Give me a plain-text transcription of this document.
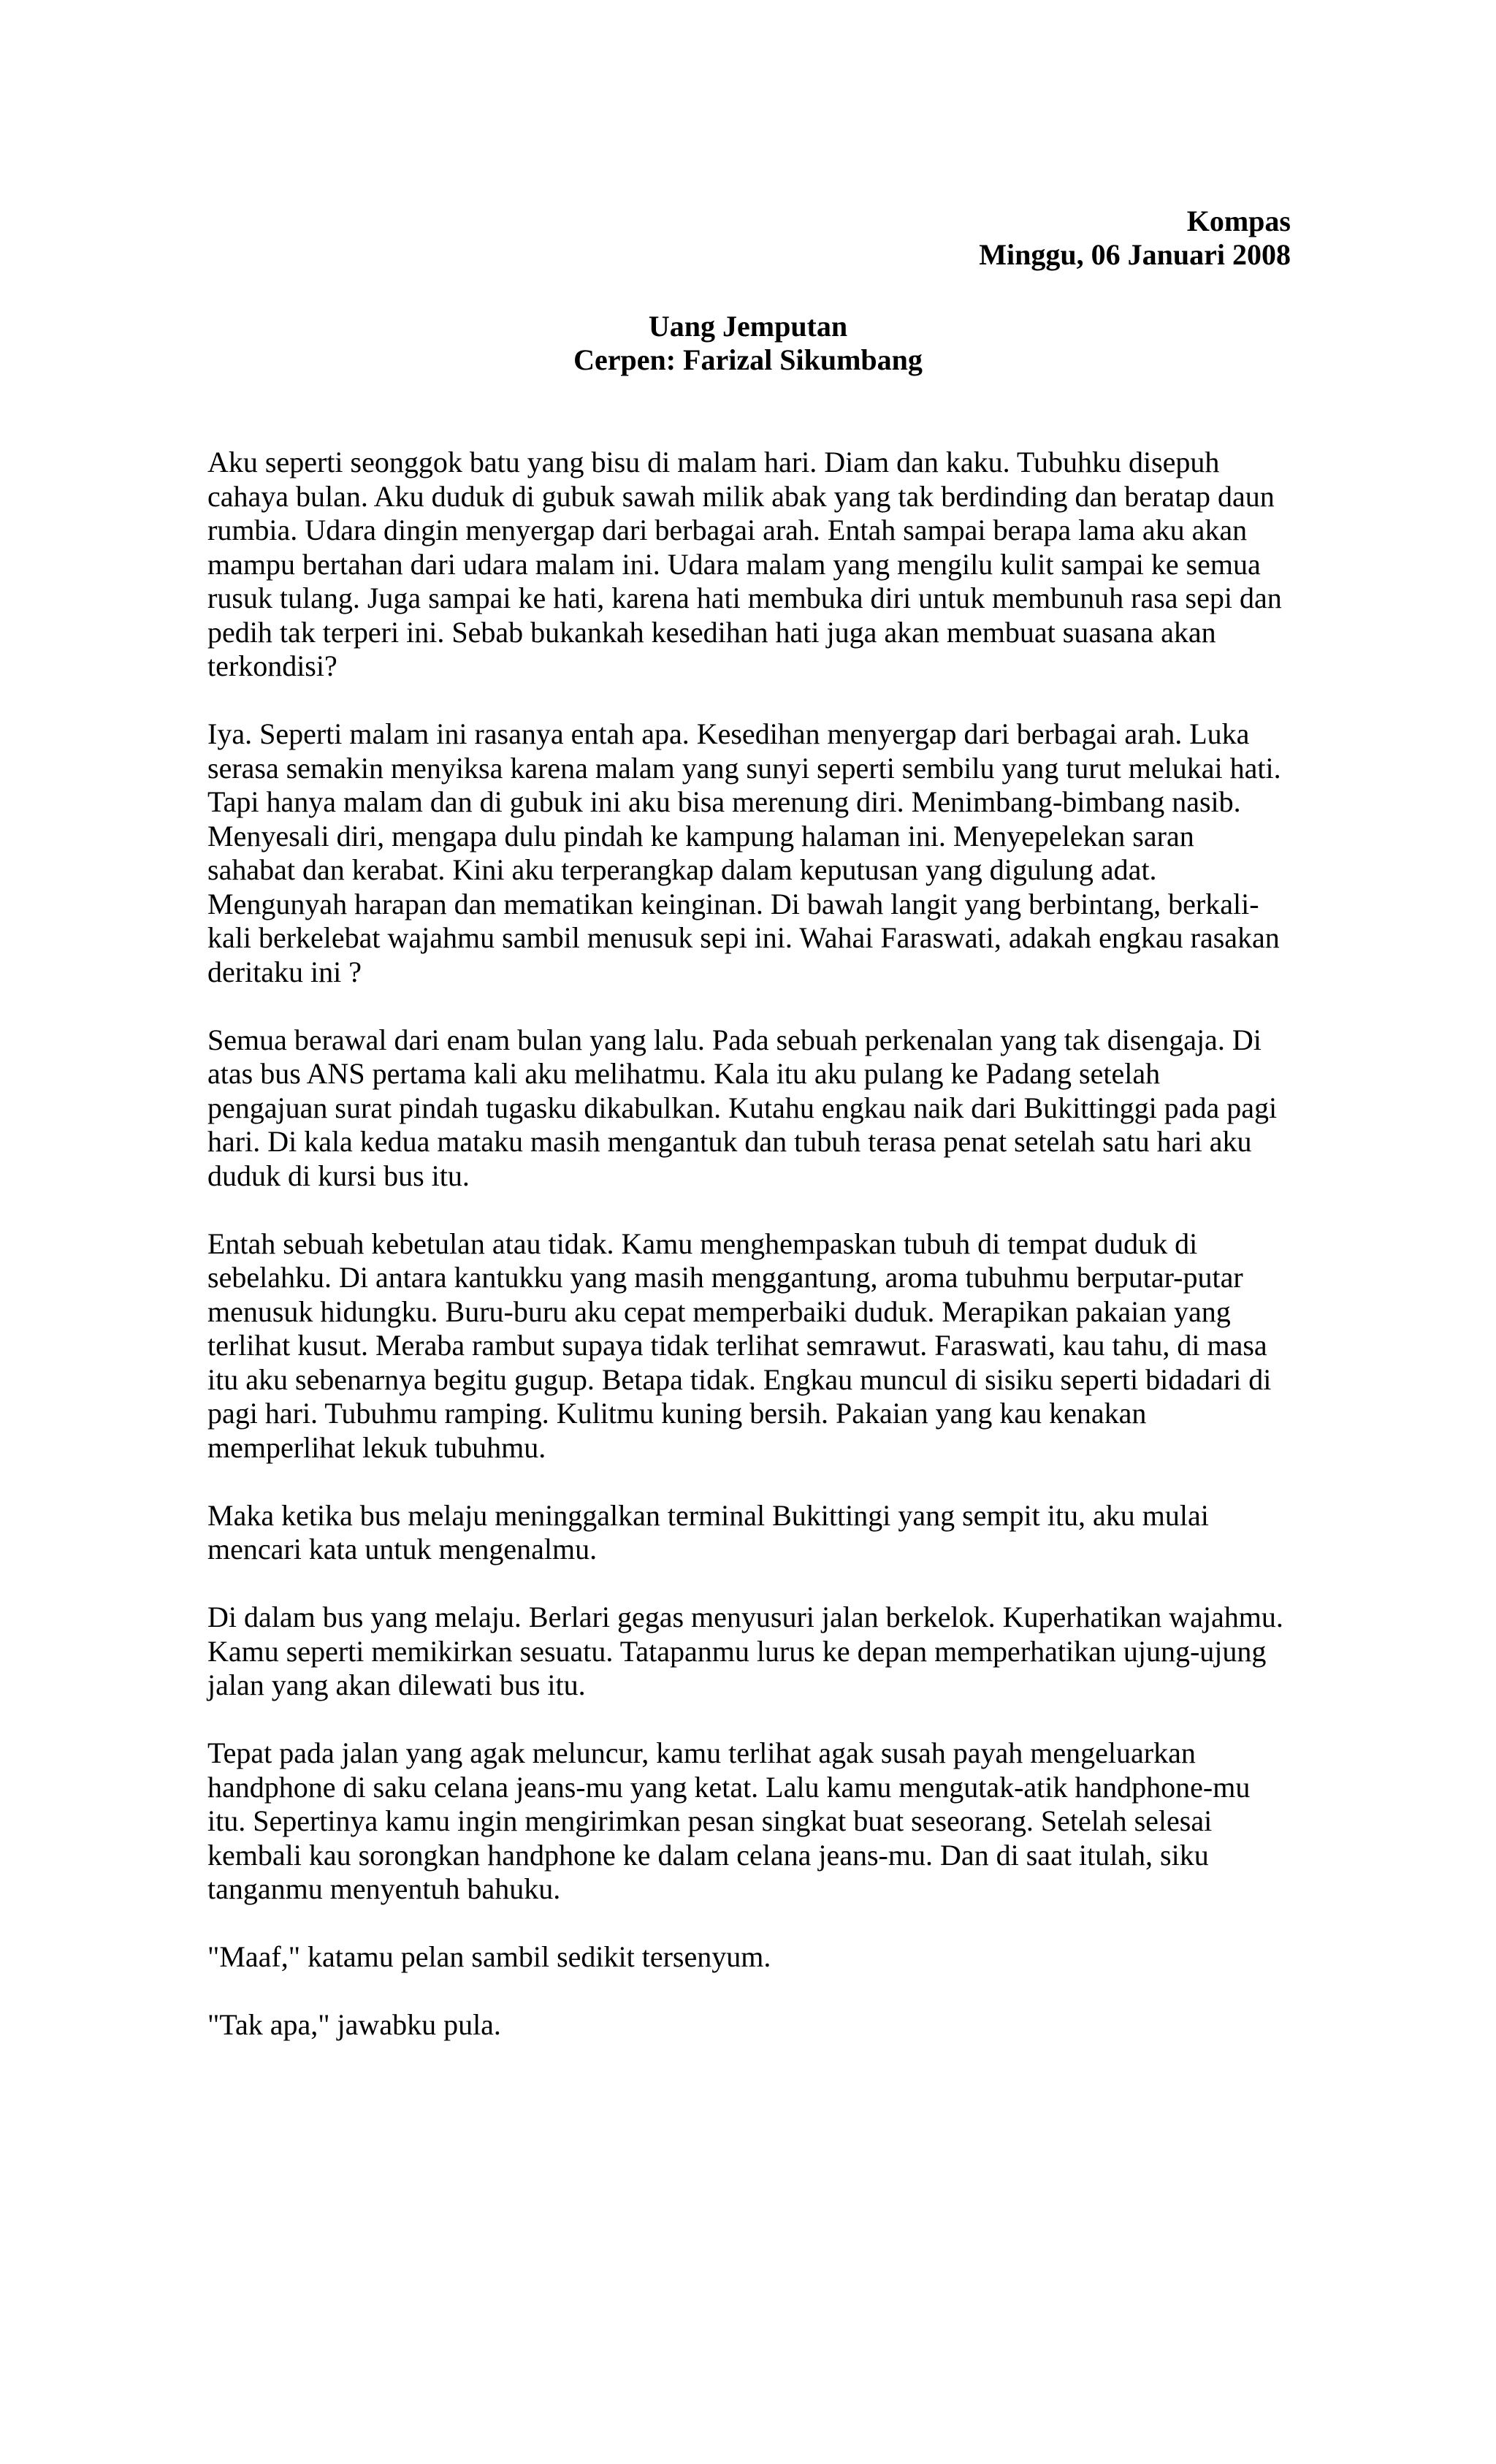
Kompas
Minggu, 06 Januari 2008
Uang Jemputan
Cerpen: Farizal Sikumbang

Aku seperti seonggok batu yang bisu di malam hari. Diam dan kaku. Tubuhku disepuh
cahaya bulan. Aku duduk di gubuk sawah milik abak yang tak berdinding dan beratap daun
rumbia. Udara dingin menyergap dari berbagai arah. Entah sampai berapa lama aku akan
mampu bertahan dari udara malam ini. Udara malam yang mengilu kulit sampai ke semua
rusuk tulang. Juga sampai ke hati, karena hati membuka diri untuk membunuh rasa sepi dan
pedih tak terperi ini. Sebab bukankah kesedihan hati juga akan membuat suasana akan
terkondisi?

Iya. Seperti malam ini rasanya entah apa. Kesedihan menyergap dari berbagai arah. Luka
serasa semakin menyiksa karena malam yang sunyi seperti sembilu yang turut melukai hati.
Tapi hanya malam dan di gubuk ini aku bisa merenung diri. Menimbang-bimbang nasib.
Menyesali diri, mengapa dulu pindah ke kampung halaman ini. Menyepelekan saran
sahabat dan kerabat. Kini aku terperangkap dalam keputusan yang digulung adat.
Mengunyah harapan dan mematikan keinginan. Di bawah langit yang berbintang, berkali-
kali berkelebat wajahmu sambil menusuk sepi ini. Wahai Faraswati, adakah engkau rasakan
deritaku ini ?

Semua berawal dari enam bulan yang lalu. Pada sebuah perkenalan yang tak disengaja. Di
atas bus ANS pertama kali aku melihatmu. Kala itu aku pulang ke Padang setelah
pengajuan surat pindah tugasku dikabulkan. Kutahu engkau naik dari Bukittinggi pada pagi
hari. Di kala kedua mataku masih mengantuk dan tubuh terasa penat setelah satu hari aku
duduk di kursi bus itu.

Entah sebuah kebetulan atau tidak. Kamu menghempaskan tubuh di tempat duduk di
sebelahku. Di antara kantukku yang masih menggantung, aroma tubuhmu berputar-putar
menusuk hidungku. Buru-buru aku cepat memperbaiki duduk. Merapikan pakaian yang
terlihat kusut. Meraba rambut supaya tidak terlihat semrawut. Faraswati, kau tahu, di masa
itu aku sebenarnya begitu gugup. Betapa tidak. Engkau muncul di sisiku seperti bidadari di
pagi hari. Tubuhmu ramping. Kulitmu kuning bersih. Pakaian yang kau kenakan
memperlihat lekuk tubuhmu.

Maka ketika bus melaju meninggalkan terminal Bukittingi yang sempit itu, aku mulai
mencari kata untuk mengenalmu.

Di dalam bus yang melaju. Berlari gegas menyusuri jalan berkelok. Kuperhatikan wajahmu.
Kamu seperti memikirkan sesuatu. Tatapanmu lurus ke depan memperhatikan ujung-ujung
jalan yang akan dilewati bus itu.

Tepat pada jalan yang agak meluncur, kamu terlihat agak susah payah mengeluarkan
handphone di saku celana jeans-mu yang ketat. Lalu kamu mengutak-atik handphone-mu
itu. Sepertinya kamu ingin mengirimkan pesan singkat buat seseorang. Setelah selesai
kembali kau sorongkan handphone ke dalam celana jeans-mu. Dan di saat itulah, siku
tanganmu menyentuh bahuku.

"Maaf," katamu pelan sambil sedikit tersenyum.

"Tak apa," jawabku pula.
